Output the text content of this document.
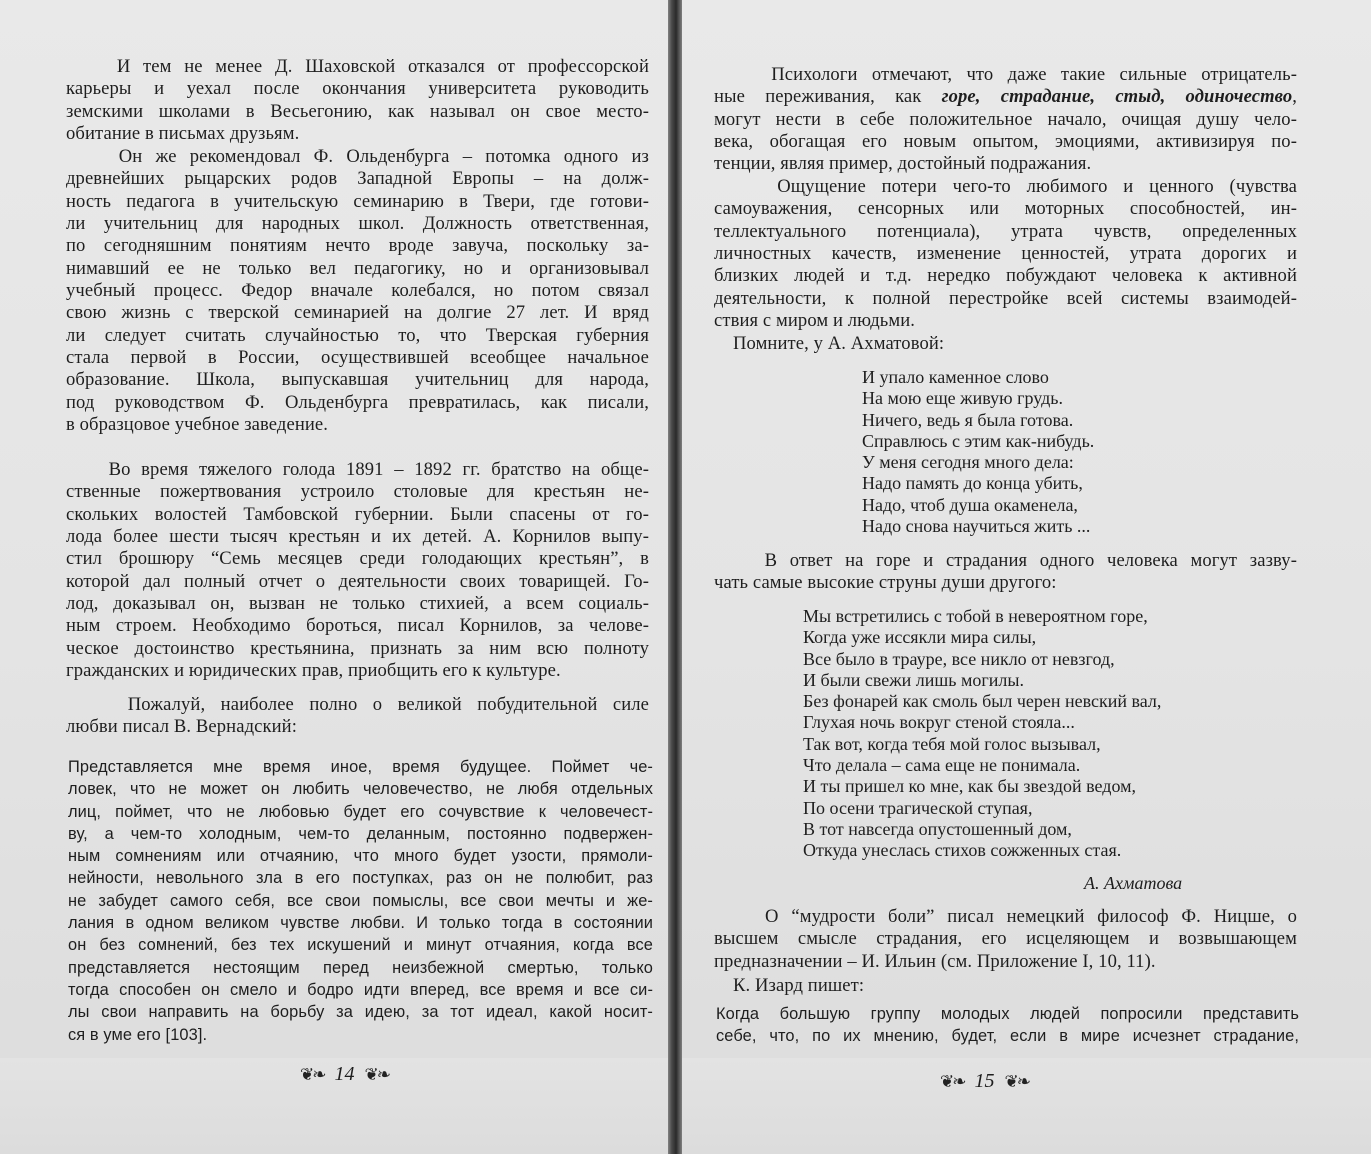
И тем не менее Д. Шаховской отказался от профессорской
карьеры и уехал после окончания университета руководить
земскими школами в Весьегонию, как называл он свое место-
обитание в письмах друзьям.
Он же рекомендовал Ф. Ольденбурга – потомка одного из
древнейших рыцарских родов Западной Европы – на долж-
ность педагога в учительскую семинарию в Твери, где готови-
ли учительниц для народных школ. Должность ответственная,
по сегодняшним понятиям нечто вроде завуча, поскольку за-
нимавший ее не только вел педагогику, но и организовывал
учебный процесс. Федор вначале колебался, но потом связал
свою жизнь с тверской семинарией на долгие 27 лет. И вряд
ли следует считать случайностью то, что Тверская губерния
стала первой в России, осуществившей всеобщее начальное
образование. Школа, выпускавшая учительниц для народа,
под руководством Ф. Ольденбурга превратилась, как писали,
в образцовое учебное заведение.
Во время тяжелого голода 1891 – 1892 гг. братство на обще-
ственные пожертвования устроило столовые для крестьян не-
скольких волостей Тамбовской губернии. Были спасены от го-
лода более шести тысяч крестьян и их детей. А. Корнилов выпу-
стил брошюру “Семь месяцев среди голодающих крестьян”, в
которой дал полный отчет о деятельности своих товарищей. Го-
лод, доказывал он, вызван не только стихией, а всем социаль-
ным строем. Необходимо бороться, писал Корнилов, за челове-
ческое достоинство крестьянина, признать за ним всю полноту
гражданских и юридических прав, приобщить его к культуре.
Пожалуй, наиболее полно о великой побудительной силе
любви писал В. Вернадский:
Представляется мне время иное, время будущее. Поймет че-
ловек, что не может он любить человечество, не любя отдельных
лиц, поймет, что не любовью будет его сочувствие к человечест-
ву, а чем-то холодным, чем-то деланным, постоянно подвержен-
ным сомнениям или отчаянию, что много будет узости, прямоли-
нейности, невольного зла в его поступках, раз он не полюбит, раз
не забудет самого себя, все свои помыслы, все свои мечты и же-
лания в одном великом чувстве любви. И только тогда в состоянии
он без сомнений, без тех искушений и минут отчаяния, когда все
представляется нестоящим перед неизбежной смертью, только
тогда способен он смело и бодро идти вперед, все время и все си-
лы свои направить на борьбу за идею, за тот идеал, какой носит-
ся в уме его [103].
❦❧ 14 ❦❧
Психологи отмечают, что даже такие сильные отрицатель-
ные переживания, как горе, страдание, стыд, одиночество,
могут нести в себе положительное начало, очищая душу чело-
века, обогащая его новым опытом, эмоциями, активизируя по-
тенции, являя пример, достойный подражания.
Ощущение потери чего-то любимого и ценного (чувства
самоуважения, сенсорных или моторных способностей, ин-
теллектуального потенциала), утрата чувств, определенных
личностных качеств, изменение ценностей, утрата дорогих и
близких людей и т.д. нередко побуждают человека к активной
деятельности, к полной перестройке всей системы взаимодей-
ствия с миром и людьми.
Помните, у А. Ахматовой:
И упало каменное слово
На мою еще живую грудь.
Ничего, ведь я была готова.
Справлюсь с этим как-нибудь.
У меня сегодня много дела:
Надо память до конца убить,
Надо, чтоб душа окаменела,
Надо снова научиться жить ...
В ответ на горе и страдания одного человека могут зазву-
чать самые высокие струны души другого:
Мы встретились с тобой в невероятном горе,
Когда уже иссякли мира силы,
Все было в трауре, все никло от невзгод,
И были свежи лишь могилы.
Без фонарей как смоль был черен невский вал,
Глухая ночь вокруг стеной стояла...
Так вот, когда тебя мой голос вызывал,
Что делала – сама еще не понимала.
И ты пришел ко мне, как бы звездой ведом,
По осени трагической ступая,
В тот навсегда опустошенный дом,
Откуда унеслась стихов сожженных стая.
А. Ахматова
О “мудрости боли” писал немецкий философ Ф. Ницше, о
высшем смысле страдания, его исцеляющем и возвышающем
предназначении – И. Ильин (см. Приложение I, 10, 11).
К. Изард пишет:
Когда большую группу молодых людей попросили представить
себе, что, по их мнению, будет, если в мире исчезнет страдание,
❦❧ 15 ❦❧
